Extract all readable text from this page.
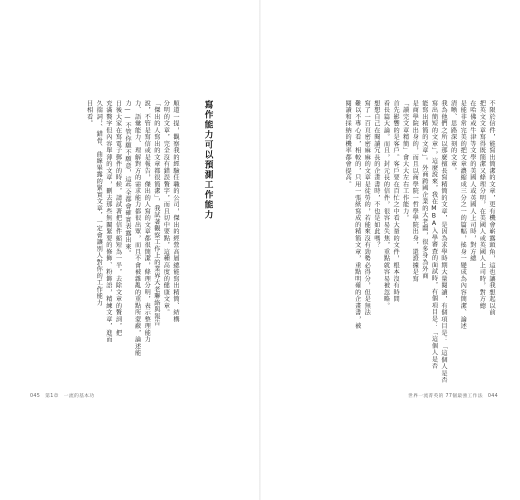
寫作能力可以預測工作能力

順道一提，觀察我的經驗任職的公司，傑出的經營高層總能寫出精簡、結構

分明的文章，完全沒有錯誤贅字，而且切中要點，這種高度的健康文章。

「傑出的人寫出的文章都很簡潔」，我試著觀察工作上的業界大老聯絡與報告

說，不管是寫信或是報告，傑出的人寫的文章都很簡潔，條理分明，表示整理能力

力、語彙能力、理解對方的需求能力都很出眾，而且不會被雜亂的重點所蒙蔽，論述能

力——不管你願不願意，這些全都會確實表露出來。

日後大家在寫電子郵件的時候，請試著把信件縮短為一半，去除文章的贅詞，把

充滿贅字但內容單薄的文章，刪去那些無關緊要的修飾、粉飾語，精練文章，進而

久揣詞，、錯骨、曲線畢露的緊實文章，一定會讓別人對你的工作能力

目相看。

045　第1章　一流的基本功

不限於信件，能寫出簡潔的文章，更有機會嶄露頭角，這也讓我想起以前

把英文文章寫得既簡潔又條理分明，在美國人或英國人上司時，對方總

在哈佛或牛津等文學的美國人或英國人上司時，對方總

是能非常完美的把文章濃縮成三分之一的篇幅，搖身一變成為內容簡潔、論述

清晰、思路深刻的文章。

我為他們之所以那麼擅長寫精簡的文章，是因為求學時期大量閱讀，有個項目是：「這個人是否

寫出簡短的文章」，這麼說來，我在MBA入學審查的面試時，有個項目是：「這個人是否

能寫出精簡的文章」。外商跨國企業的大老闆，很多身為外商

是商學院出身的，而且以商學院一哲學學院出身，還證據是寫

「讀完文章精簡」會大大左右工作能力。

首先影響的是客戶。客戶要在百忙之中看大量的文件，根本沒有時間

看長篇大論。而且，封元長的信件，很容易失焦，重點就容易被忽略。

想想自己在閱讀冗長的企畫書時，不也是如此嗎？

寫了一百頁密密麻麻的文章是徒勞的，若能來沒有勁勢必得分，但是無法

難以不專心看，相較的，只用一張紙寫成的精簡文章，重點明確的企畫書，被

閱讀和採納的機率都會提高。

世界一流菁英的 77個最強工作法　044
